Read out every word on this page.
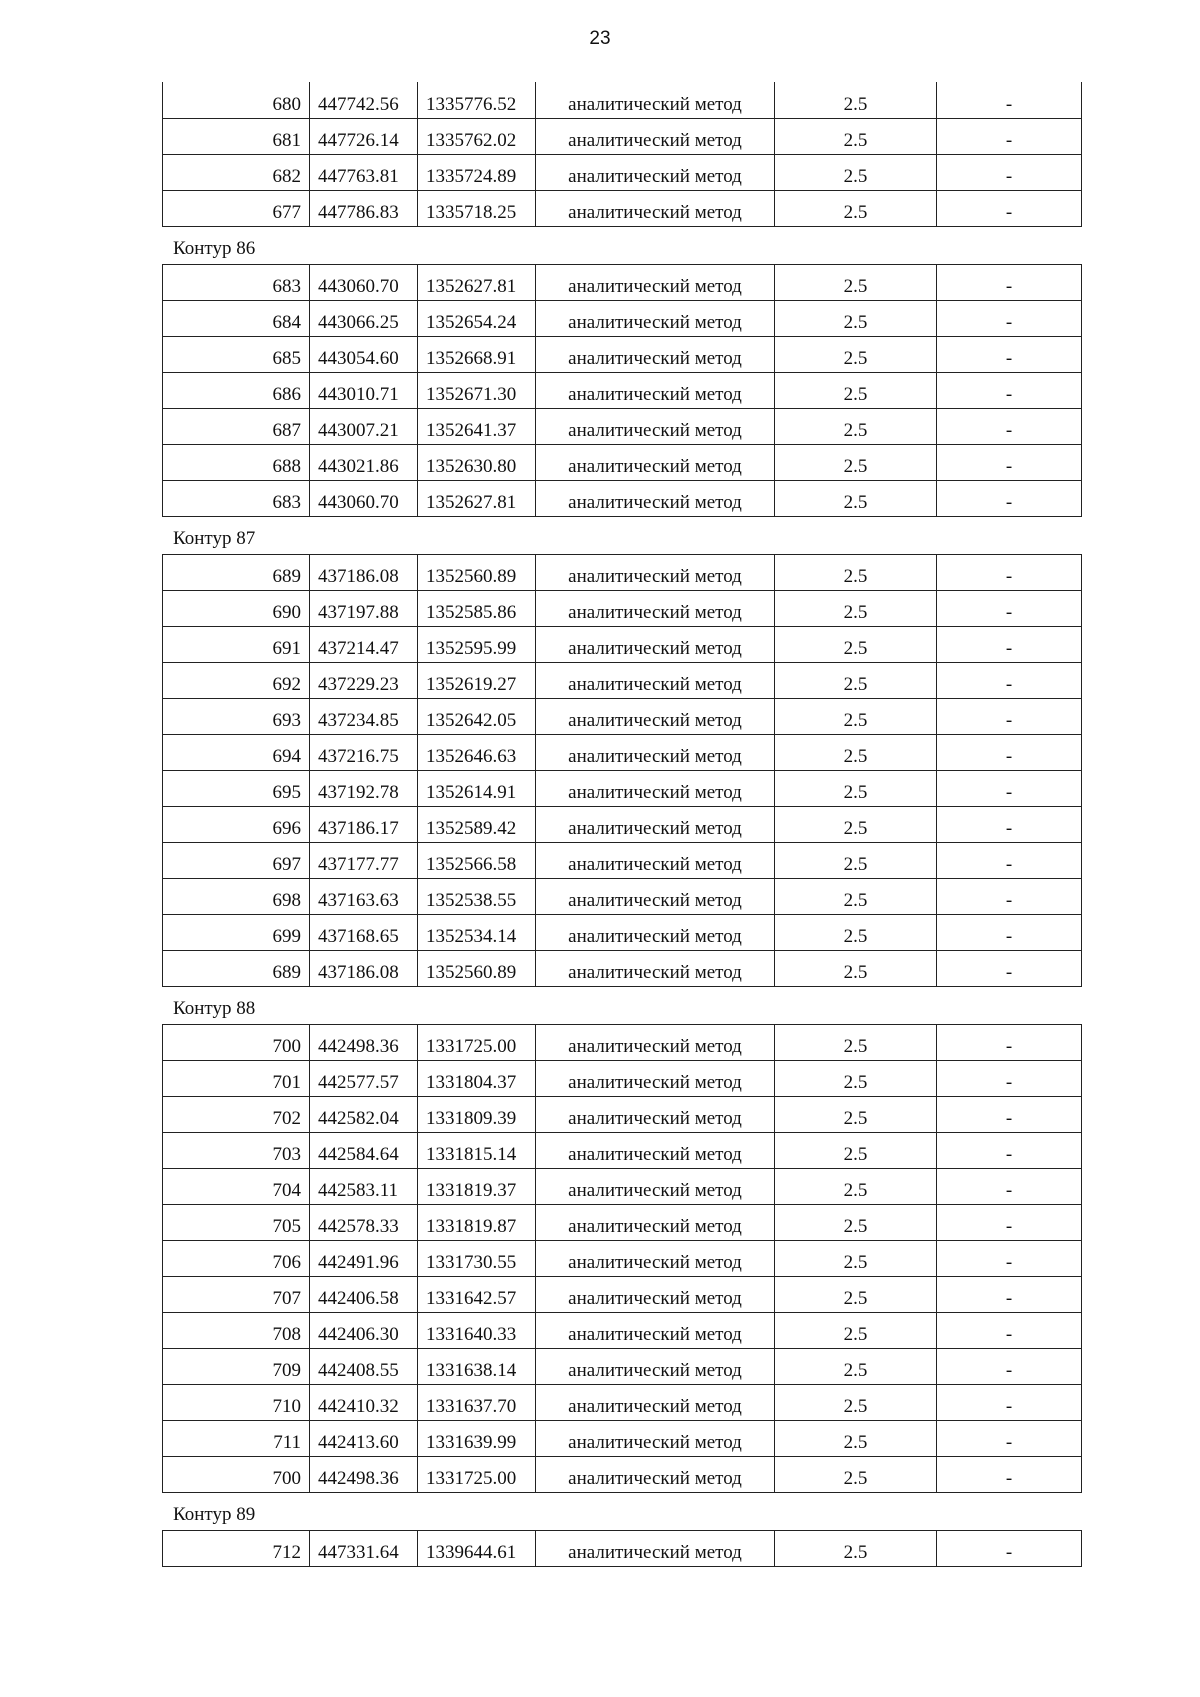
23
680	447742.56	1335776.52	аналитический метод	2.5	-
681	447726.14	1335762.02	аналитический метод	2.5	-
682	447763.81	1335724.89	аналитический метод	2.5	-
677	447786.83	1335718.25	аналитический метод	2.5	-
Контур 86
683	443060.70	1352627.81	аналитический метод	2.5	-
684	443066.25	1352654.24	аналитический метод	2.5	-
685	443054.60	1352668.91	аналитический метод	2.5	-
686	443010.71	1352671.30	аналитический метод	2.5	-
687	443007.21	1352641.37	аналитический метод	2.5	-
688	443021.86	1352630.80	аналитический метод	2.5	-
683	443060.70	1352627.81	аналитический метод	2.5	-
Контур 87
689	437186.08	1352560.89	аналитический метод	2.5	-
690	437197.88	1352585.86	аналитический метод	2.5	-
691	437214.47	1352595.99	аналитический метод	2.5	-
692	437229.23	1352619.27	аналитический метод	2.5	-
693	437234.85	1352642.05	аналитический метод	2.5	-
694	437216.75	1352646.63	аналитический метод	2.5	-
695	437192.78	1352614.91	аналитический метод	2.5	-
696	437186.17	1352589.42	аналитический метод	2.5	-
697	437177.77	1352566.58	аналитический метод	2.5	-
698	437163.63	1352538.55	аналитический метод	2.5	-
699	437168.65	1352534.14	аналитический метод	2.5	-
689	437186.08	1352560.89	аналитический метод	2.5	-
Контур 88
700	442498.36	1331725.00	аналитический метод	2.5	-
701	442577.57	1331804.37	аналитический метод	2.5	-
702	442582.04	1331809.39	аналитический метод	2.5	-
703	442584.64	1331815.14	аналитический метод	2.5	-
704	442583.11	1331819.37	аналитический метод	2.5	-
705	442578.33	1331819.87	аналитический метод	2.5	-
706	442491.96	1331730.55	аналитический метод	2.5	-
707	442406.58	1331642.57	аналитический метод	2.5	-
708	442406.30	1331640.33	аналитический метод	2.5	-
709	442408.55	1331638.14	аналитический метод	2.5	-
710	442410.32	1331637.70	аналитический метод	2.5	-
711	442413.60	1331639.99	аналитический метод	2.5	-
700	442498.36	1331725.00	аналитический метод	2.5	-
Контур 89
712	447331.64	1339644.61	аналитический метод	2.5	-
